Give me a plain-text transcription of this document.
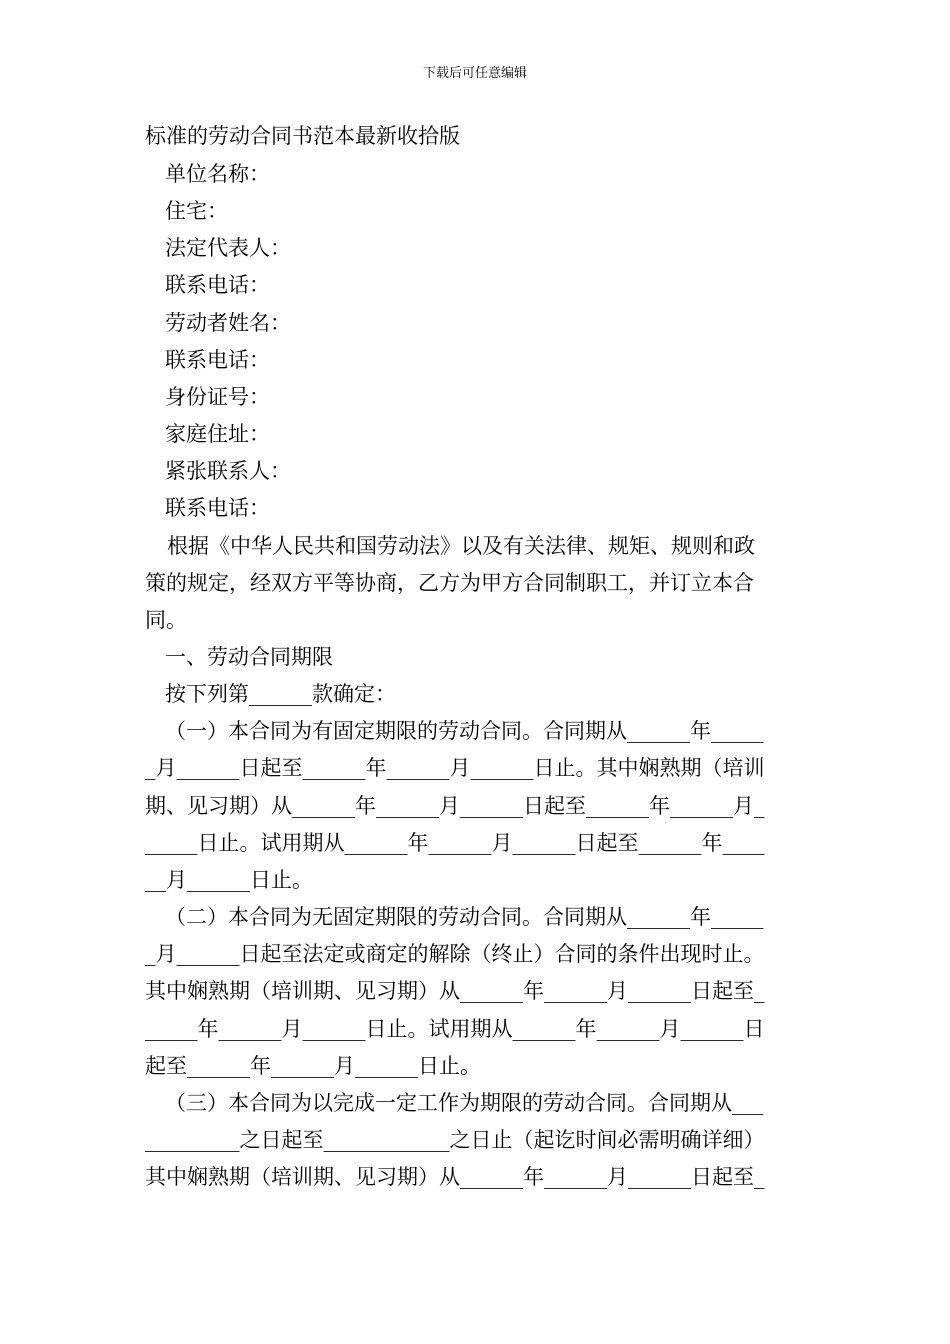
下载后可任意编辑
标准的劳动合同书范本最新收拾版
单位名称：
住宅：
法定代表人：
联系电话：
劳动者姓名：
联系电话：
身份证号：
家庭住址：
紧张联系人：
联系电话：
根据《中华人民共和国劳动法》以及有关法律、规矩、规则和政
策的规定，经双方平等协商，乙方为甲方合同制职工，并订立本合
同。
一、劳动合同期限
按下列第______款确定：
（一）本合同为有固定期限的劳动合同。合同期从______年_____
_月______日起至______年______月______日止。其中娴熟期（培训
期、见习期）从______年______月______日起至______年______月_
_____日止。试用期从______年______月______日起至______年____
__月______日止。
（二）本合同为无固定期限的劳动合同。合同期从______年_____
_月______日起至法定或商定的解除（终止）合同的条件出现时止。
其中娴熟期（培训期、见习期）从______年______月______日起至_
_____年______月______日止。试用期从______年______月______日
起至______年______月______日止。
（三）本合同为以完成一定工作为期限的劳动合同。合同期从___
_________之日起至____________之日止（起讫时间必需明确详细）
其中娴熟期（培训期、见习期）从______年______月______日起至_
